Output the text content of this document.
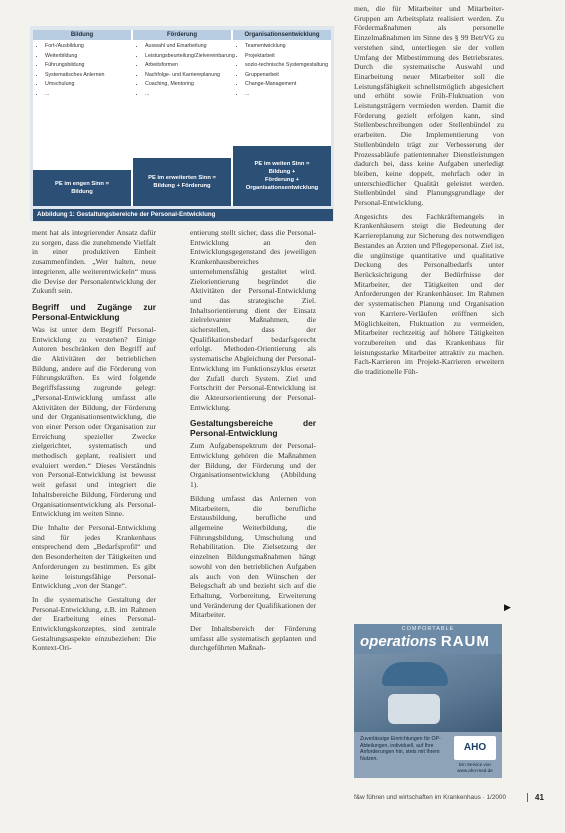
Bildung	Förderung	Organisationsentwicklung
• Fort-/Ausbildung
• Weiterbildung
• Führungsbildung
• Systematisches Anlernen
• Umschulung
• ...
• Auswahl und Einarbeitung
• Leistungsbeurteilung/Zielvereinbarung
• Arbeitsformen
• Nachfolge- und Karriereplanung
• Coaching, Mentoring
• ...
• Teamentwicklung
• Projektarbeit
• sozio-technische Systemgestaltung
• Gruppenarbeit
• Change-Management
• ...
PE im engen Sinn =
Bildung
PE im erweiterten Sinn =
Bildung + Förderung
PE im weiten Sinn =
Bildung +
Förderung +
Organisationsentwicklung
Abbildung 1: Gestaltungsbereiche der Personal-Entwicklung

ment hat als integrierender Ansatz dafür zu sorgen, dass die zunehmende Vielfalt in einer produktiven Einheit zusammenfinden. „Wer halten, neue integrieren, alle weiterentwickeln“ muss die Devise der Personalentwicklung der Zukunft sein.

Begriff und Zugänge zur Personal-Entwicklung

Was ist unter dem Begriff Personal-Entwicklung zu verstehen? Einige Autoren beschränken den Begriff auf die Aktivitäten der betrieblichen Bildung, andere auf die Förderung von Führungskräften. Es wird folgende Begriffsfassung zugrunde gelegt: „Personal-Entwicklung umfasst alle Aktivitäten der Bildung, der Förderung und der Organisationsentwicklung, die von einer Person oder Organisation zur Erreichung spezieller Zwecke zielgerichtet, systematisch und methodisch geplant, realisiert und evaluiert werden.“ Dieses Verständnis von Personal-Entwicklung ist bewusst weit gefasst und integriert die Inhaltsbereiche Bildung, Förderung und Organisationsentwicklung als Personal-Entwicklung im weiten Sinne.

Die Inhalte der Personal-Entwicklung sind für jedes Krankenhaus entsprechend dem „Bedarfsprofil“ und den Besonderheiten der Tätigkeiten und Anforderungen zu bestimmen. Es gibt keine leistungsfähige Personal-Entwicklung „von der Stange“.

In die systematische Gestaltung der Personal-Entwicklung, z.B. im Rahmen der Erarbeitung eines Personal-Entwicklungskonzeptes, sind zentrale Gestaltungsaspekte einzubeziehen: Die Kontext-Ori-

entierung stellt sicher, dass die Personal-Entwicklung an den Entwicklungsgegenstand des jeweiligen Krankenhausbereiches unternehmensfähig gestaltet wird. Zielorientierung begründet die Aktivitäten der Personal-Entwicklung und das strategische Ziel. Inhaltsorientierung dient der Einsatz zielrelevanter Maßnahmen, die sicherstellen, dass der Qualifikationsbedarf bedarfsgerecht erfolgt. Methoden-Orientierung als systematische Abgleichung der Personal-Entwicklung im Funktionszyklus ersetzt der Zufall durch System. Ziel und Fortschritt der Personal-Entwicklung ist die Akteursorientierung der Personal-Entwicklung.

Gestaltungsbereiche der Personal-Entwicklung

Zum Aufgabenspektrum der Personal-Entwicklung gehören die Maßnahmen der Bildung, der Förderung und der Organisationsentwicklung (Abbildung 1).

Bildung umfasst das Anlernen von Mitarbeitern, die berufliche Erstausbildung, berufliche und allgemeine Weiterbildung, die Führungsbildung, Umschulung und Rehabilitation. Die Zielsetzung der einzelnen Bildungsmaßnahmen hängt sowohl von den betrieblichen Aufgaben als auch von den Wünschen der Belegschaft ab und bezieht sich auf die Erhaltung, Vorbereitung, Erweiterung und Veränderung der Qualifikationen der Mitarbeiter.

Der Inhaltsbereich der Förderung umfasst alle systematisch geplanten und durchgeführten Maßnah-

men, die für Mitarbeiter und Mitarbeiter-Gruppen am Arbeitsplatz realisiert werden. Zu Fördermaßnahmen als personelle Einzelmaßnahmen im Sinne des § 99 BetrVG zu verstehen sind, unterliegen sie der vollen Umfang der Mitbestimmung des Betriebsrates. Durch die systematische Auswahl und Einarbeitung neuer Mitarbeiter soll die Leistungsfähigkeit schnellstmöglich abgesichert und erhöht sowie Früh-Fluktuation von Leistungsträgern vermieden werden. Damit die Förderung gezielt erfolgen kann, sind Stellenbeschreibungen oder Stellenbündel zu erarbeiten. Die Implementierung von Stellenbündeln trägt zur Verbesserung der Prozessabläufe patientennaher Dienstleistungen dadurch bei, dass keine Aufgaben unerledigt bleiben, keine doppelt, mehrfach oder in unterschiedlicher Qualität geleistet werden. Stellenbündel sind Planungsgrundlage der Personal-Entwicklung.

Angesichts des Fachkräftemangels in Krankenhäusern steigt die Bedeutung der Karriereplanung zur Sicherung des notwendigen Bestandes an Ärzten und Pflegepersonal. Ziel ist, die ungünstige quantitative und qualitative Deckung des Personalbedarfs unter Berücksichtigung der Bedürfnisse der Mitarbeiter, der Tätigkeiten und der Anforderungen der Krankenhäuser. Im Rahmen der systematischen Planung und Organisation von Karriere-Verläufen eröffnen sich Möglichkeiten, Fluktuation zu vermeiden, Mitarbeiter rechtzeitig auf höhere Tätigkeiten vorzubereiten und das Krankenhaus für leistungsstarke Mitarbeiter attraktiv zu machen. Fach-Karrieren im Projekt-Karrieren erweitern die traditionelle Füh-

▶
COMPORTABLE
operations RAUM
Zuverlässige Einrichtungen für OP-Abteilungen, individuell, auf Ihre Anforderungen hin, stets mit Ihrem Nutzen.
AHO
Ein Service von www.aho-med.de
f&w führen und wirtschaften im Krankenhaus · 1/2000	41
